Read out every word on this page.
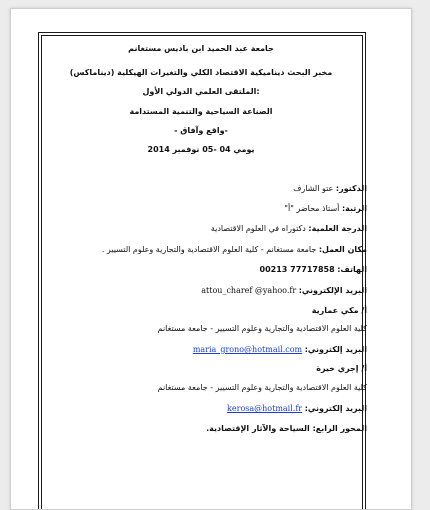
جامعة عبد الحميد ابن باديس مستغانم
مخبر البحث ديناميكية الاقتصاد الكلي والتغيرات الهيكلية (ديناماكس)
الملتقى العلمي الدولي الأول:
الصناعة السياحية والتنمية المستدامة
- واقع وآفاق-
يومي 04 -05 نوفمبر 2014
الدكتور: عتو الشارف
الرتبة: أستاذ محاضر "أ"
الدرجة العلمية: دكتوراه في العلوم الاقتصادية
مكان العمل: جامعة مستغانم - كلية العلوم الاقتصادية والتجارية وعلوم التسيير .
الهاتف: 00213 77717858
البريد الإلكتروني: attou_charef @yahoo.fr
أ/ مكي عمارية
كلية العلوم الاقتصادية والتجارية وعلوم التسيير - جامعة مستغانم
البريد إلكتروني: maria_grono@hotmail.com
أ/ إجري خيرة
كلية العلوم الاقتصادية والتجارية وعلوم التسيير - جامعة مستغانم
البريد إلكتروني: kerosa@hotmail.fr
المحور الرابع: السياحة والآثار الإقتصادية.
